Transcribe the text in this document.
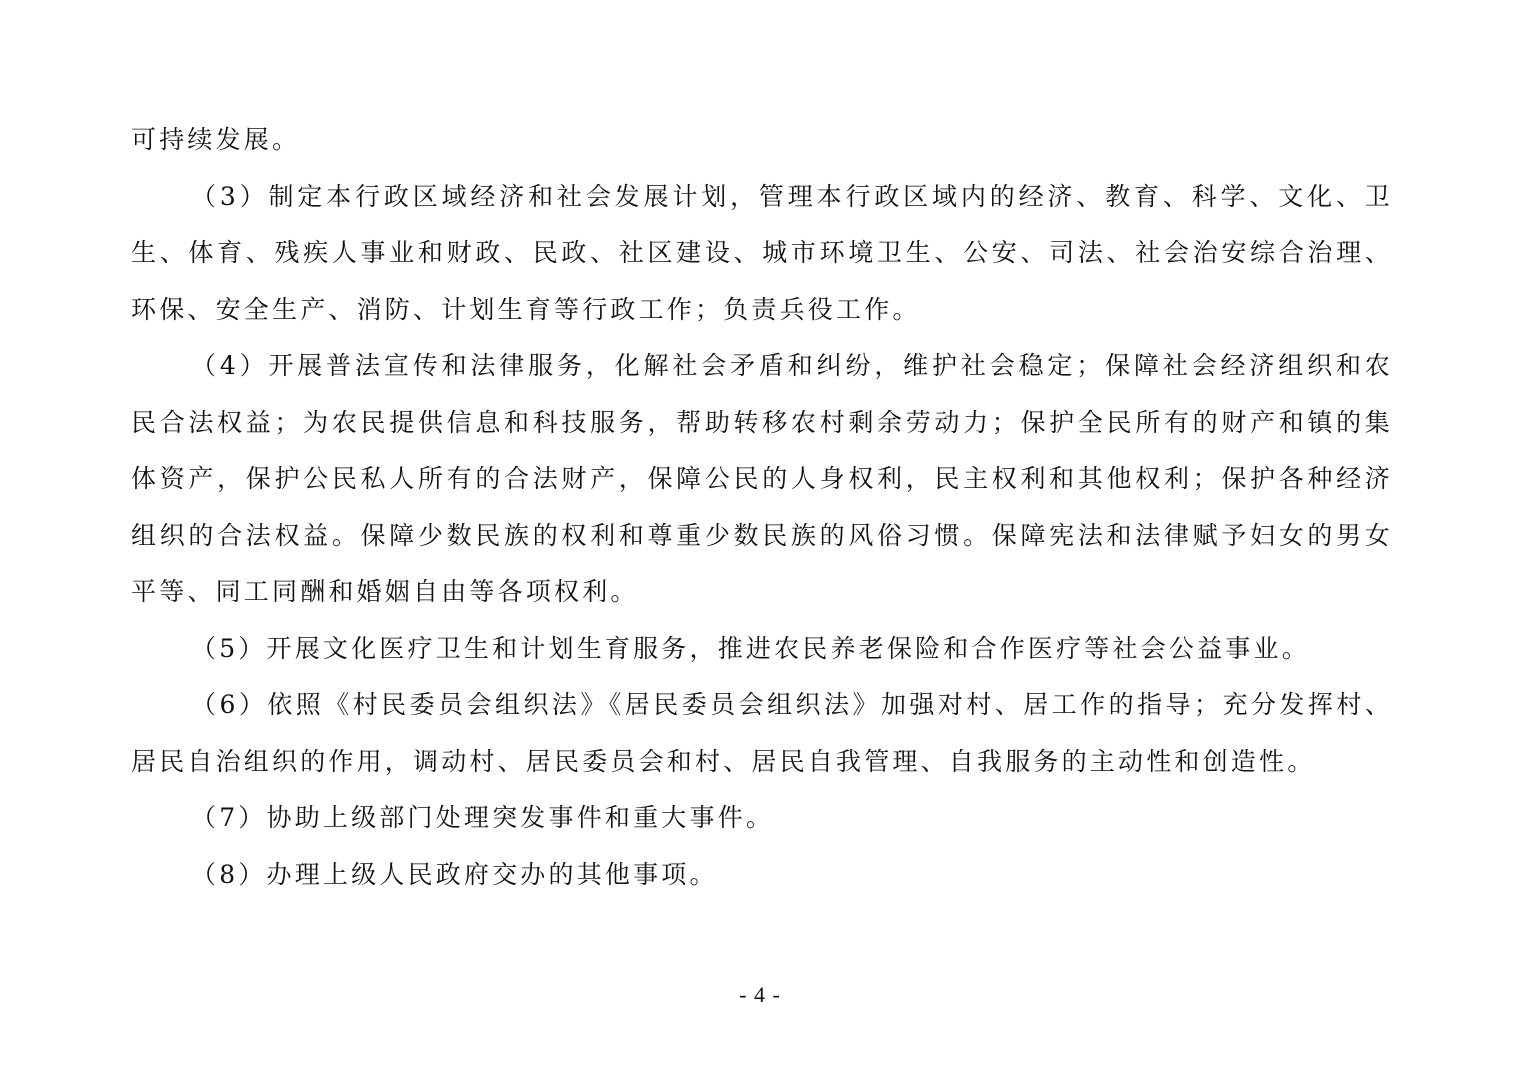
可持续发展。

（3）制定本行政区域经济和社会发展计划，管理本行政区域内的经济、教育、科学、文化、卫生、体育、残疾人事业和财政、民政、社区建设、城市环境卫生、公安、司法、社会治安综合治理、环保、安全生产、消防、计划生育等行政工作；负责兵役工作。

（4）开展普法宣传和法律服务，化解社会矛盾和纠纷，维护社会稳定；保障社会经济组织和农民合法权益；为农民提供信息和科技服务，帮助转移农村剩余劳动力；保护全民所有的财产和镇的集体资产，保护公民私人所有的合法财产，保障公民的人身权利，民主权利和其他权利；保护各种经济组织的合法权益。保障少数民族的权利和尊重少数民族的风俗习惯。保障宪法和法律赋予妇女的男女平等、同工同酬和婚姻自由等各项权利。

（5）开展文化医疗卫生和计划生育服务，推进农民养老保险和合作医疗等社会公益事业。

（6）依照《村民委员会组织法》《居民委员会组织法》加强对村、居工作的指导；充分发挥村、居民自治组织的作用，调动村、居民委员会和村、居民自我管理、自我服务的主动性和创造性。

（7）协助上级部门处理突发事件和重大事件。

（8）办理上级人民政府交办的其他事项。

- 4 -
